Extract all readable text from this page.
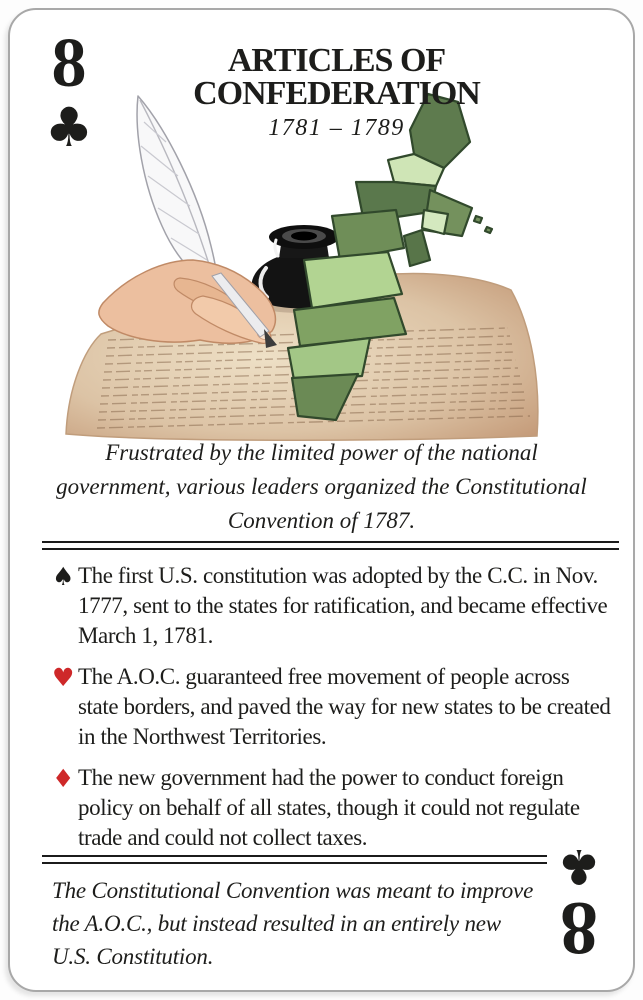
8
♣
ARTICLES OF
CONFEDERATION
1781 – 1789
Frustrated by the limited power of the national government, various leaders organized the Constitutional Convention of 1787.
♠ The first U.S. constitution was adopted by the C.C. in Nov. 1777, sent to the states for ratification, and became effective March 1, 1781.
♥ The A.O.C. guaranteed free movement of people across state borders, and paved the way for new states to be created in the Northwest Territories.
♦ The new government had the power to conduct foreign policy on behalf of all states, though it could not regulate trade and could not collect taxes.
The Constitutional Convention was meant to improve the A.O.C., but instead resulted in an entirely new U.S. Constitution.	8
♣
